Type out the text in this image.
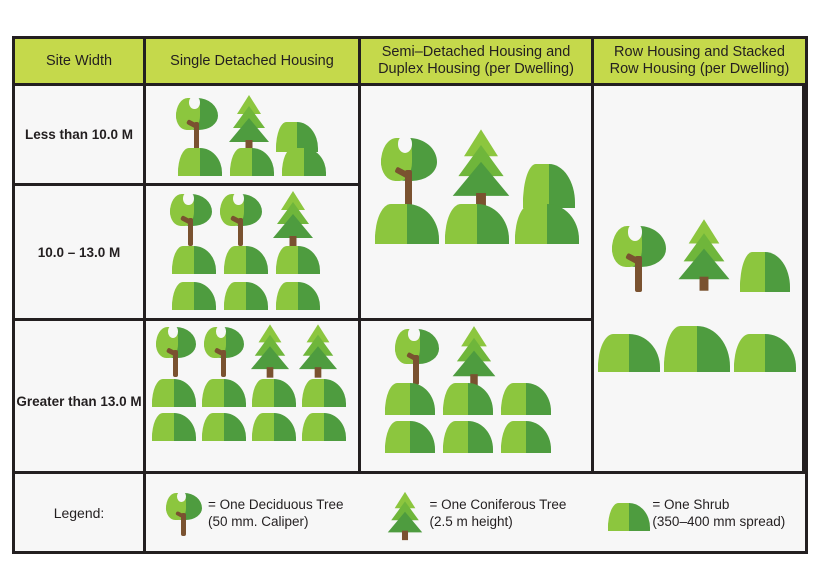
Site Width	Single Detached Housing
Semi–Detached Housing and Duplex Housing (per Dwelling)
Row Housing and Stacked Row Housing (per Dwelling)
Less than 10.0 M
10.0 – 13.0 M
Greater than 13.0 M
Legend:
= One Deciduous Tree
(50 mm. Caliper)
= One Coniferous Tree
(2.5 m height)
= One Shrub
(350–400 mm spread)
